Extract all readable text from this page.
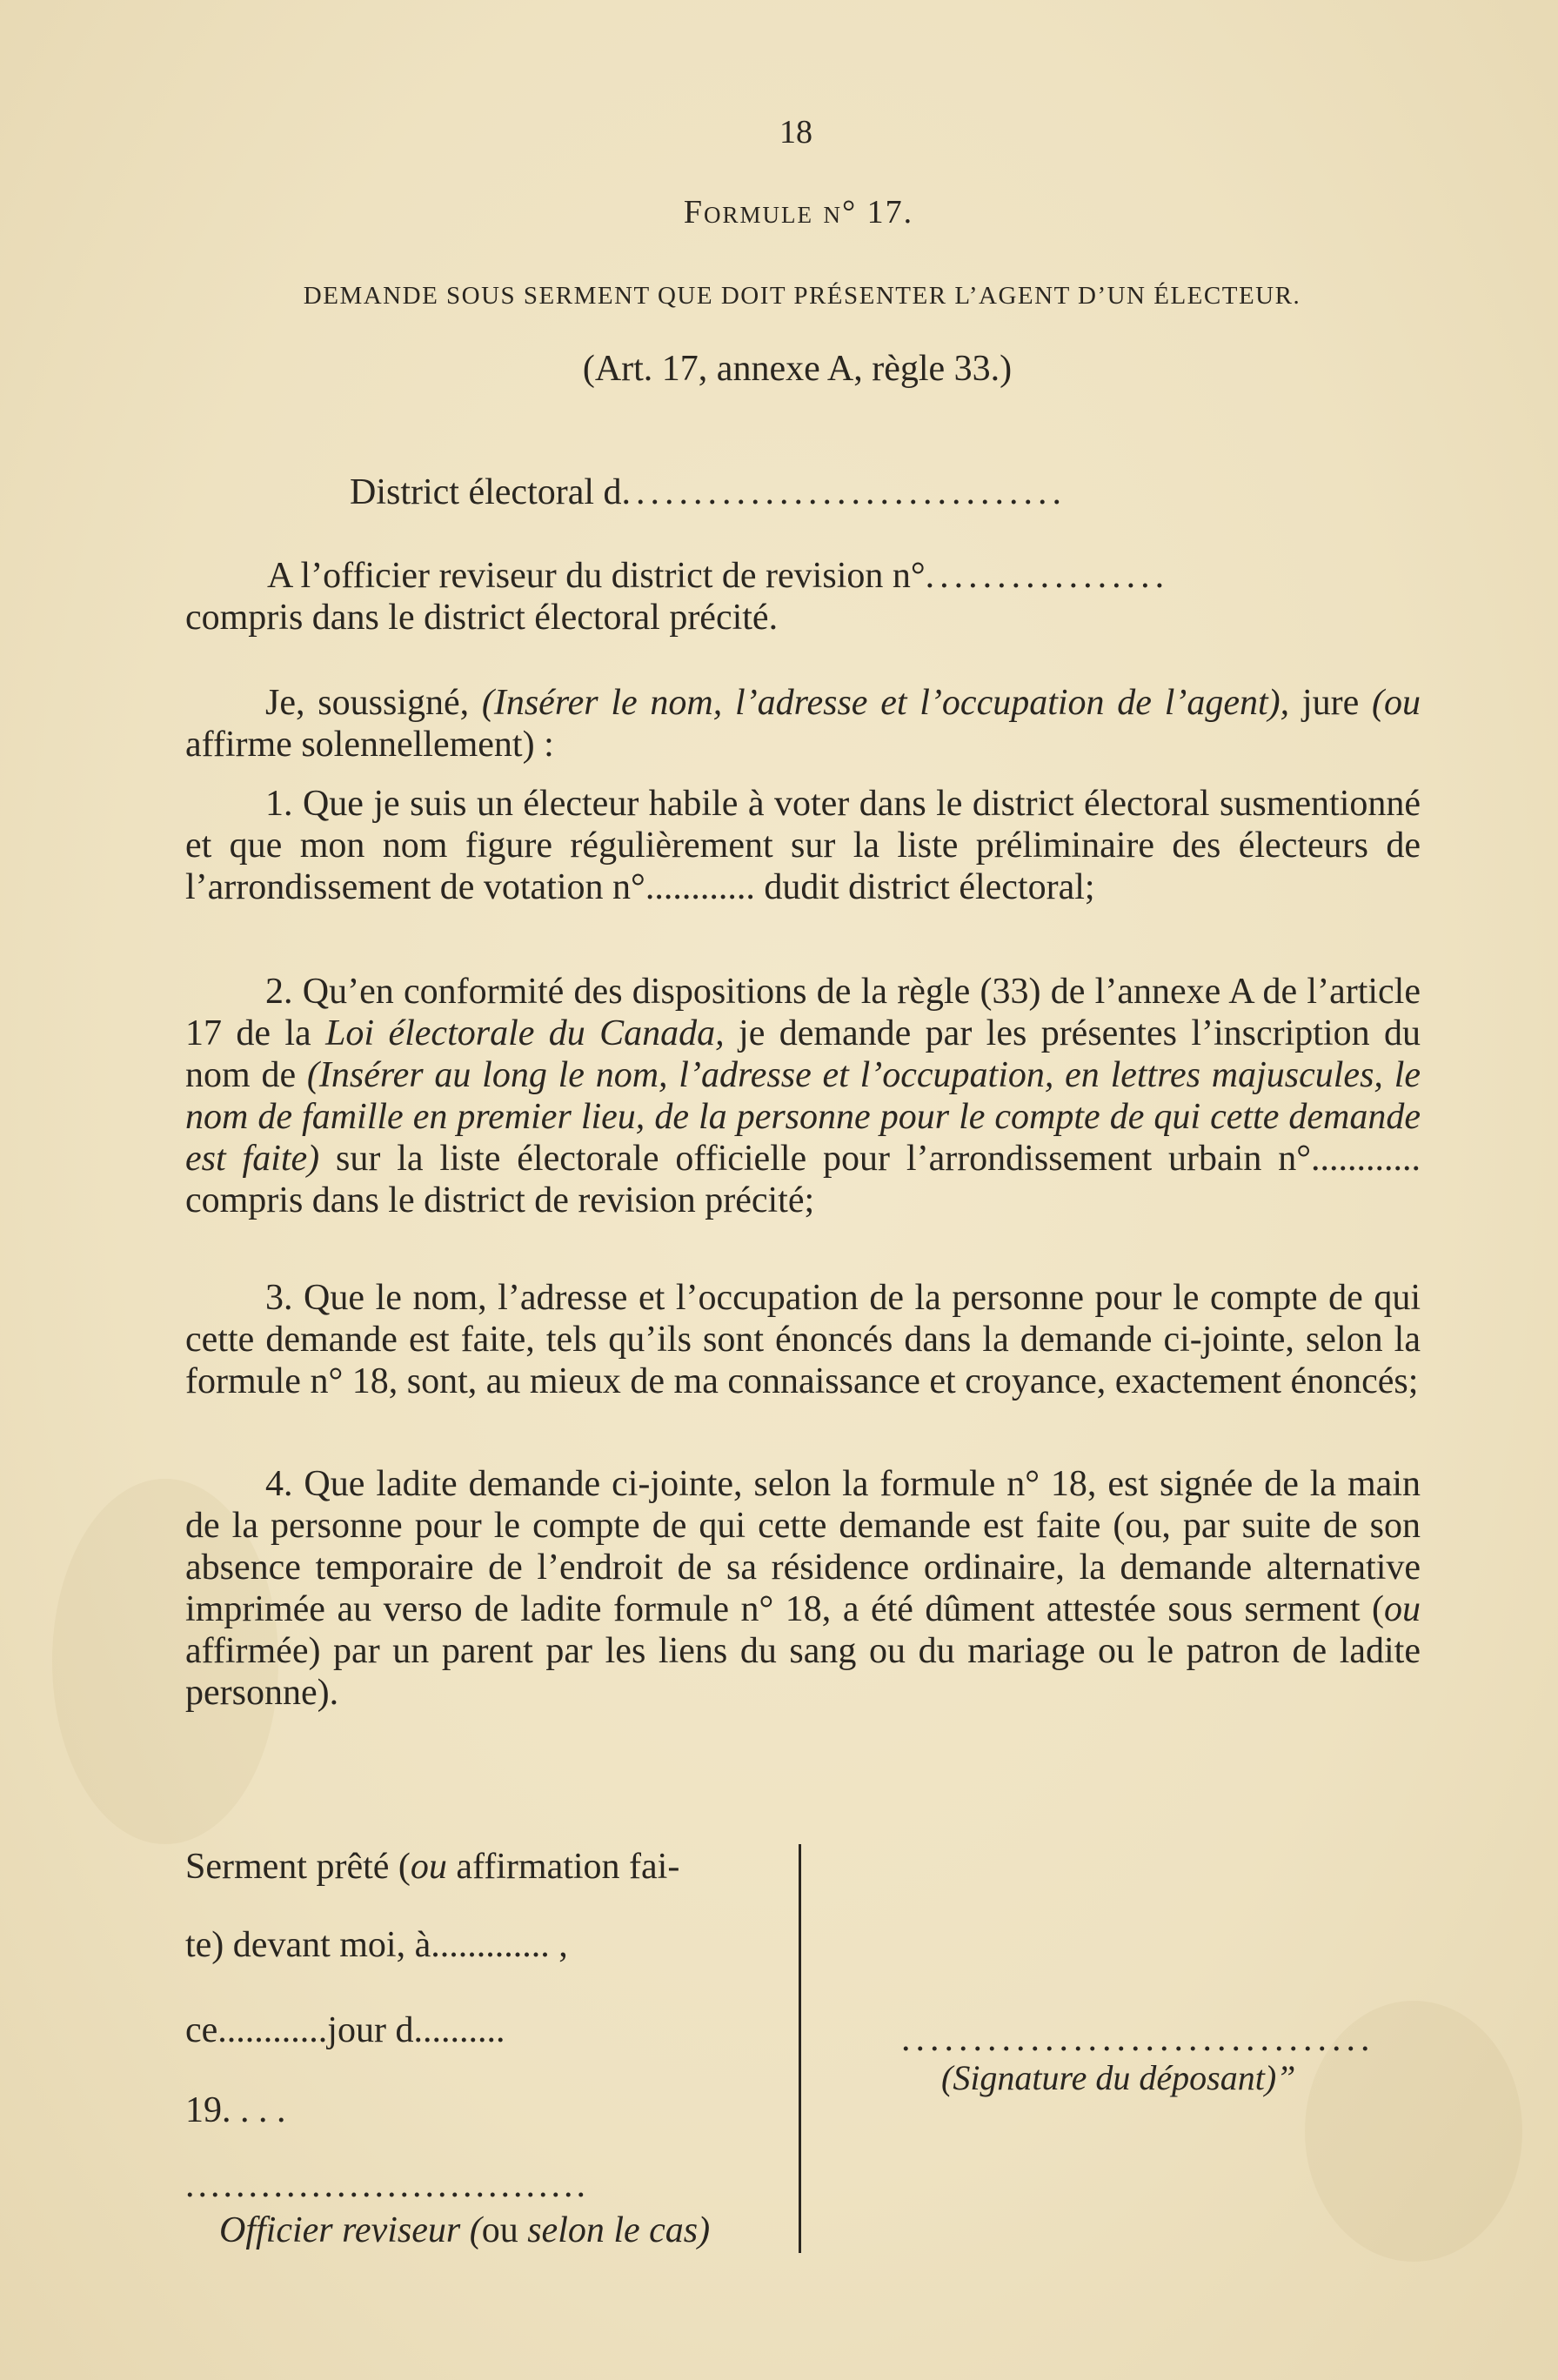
18
Formule n° 17.
DEMANDE SOUS SERMENT QUE DOIT PRÉSENTER L’AGENT D’UN ÉLECTEUR.
(Art. 17, annexe A, règle 33.)
District électoral d...............................
A l’officier reviseur du district de revision n°.................
compris dans le district électoral précité.
Je, soussigné, (Insérer le nom, l’adresse et l’occupation de l’agent), jure (ou affirme solennellement) :
1. Que je suis un électeur habile à voter dans le district électoral susmentionné et que mon nom figure régulièrement sur la liste préliminaire des électeurs de l’arrondissement de votation n°............ dudit district électoral;
2. Qu’en conformité des dispositions de la règle (33) de l’annexe A de l’article 17 de la Loi électorale du Canada, je demande par les présentes l’inscription du nom de (Insérer au long le nom, l’adresse et l’occupation, en lettres majuscules, le nom de famille en premier lieu, de la personne pour le compte de qui cette demande est faite) sur la liste électorale officielle pour l’arrondissement urbain n°............ compris dans le district de revision précité;
3. Que le nom, l’adresse et l’occupation de la personne pour le compte de qui cette demande est faite, tels qu’ils sont énoncés dans la demande ci-jointe, selon la formule n° 18, sont, au mieux de ma connaissance et croyance, exactement énoncés;
4. Que ladite demande ci-jointe, selon la formule n° 18, est signée de la main de la personne pour le compte de qui cette demande est faite (ou, par suite de son absence temporaire de l’endroit de sa résidence ordinaire, la demande alternative imprimée au verso de ladite formule n° 18, a été dûment attestée sous serment (ou affirmée) par un parent par les liens du sang ou du mariage ou le patron de ladite personne).
Serment prêté (ou affirmation fai-
te) devant moi, à............. ,
ce............jour d..........
19. . . .
................................
Officier reviseur (ou selon le cas)
.................................
(Signature du déposant)”
